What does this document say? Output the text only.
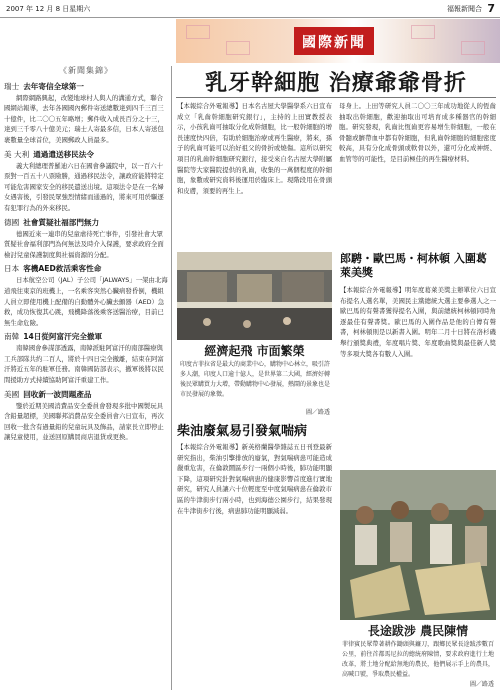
2007 年 12 月 8 日星期六	福報新聞合 7
國際新聞
《新聞集錦》
瑞士 去年寄信全球第一
網際網路興起，改變地球村人與人的溝通方式，聯合國網站報導，去年各國國內郵件寄送總數達到四千三百三十億件，比二〇〇五年略增；郵件收入成長百分之十三，達到三千零八十億美元；瑞士人寄最多信，日本人寄送包裹數量全球首位，美國郵政人員最多。
美 大利 通過遣送移民法令
義大利總理普羅迪六日在國會參議院中，以一百六十票對一百五十八票險勝，通過移民法令，讓政府能將特定可能危害國家安全的移民遣送出境。這項法令是在一名婦女遇害後，引發民眾強烈情緒而通過的，將來可用於驅逐有犯罪行為的外來移民。
德國 社會質疑社福部門無力
德國近來一連串的兒童虐待死亡事件，引發社會大眾質疑社會福利部門為何無法及時介入保護，要求政府全面檢討兒童保護制度與社福資源的分配。
日本 客機AED救活乘客性命
日本航空公司（JAL）子公司「JALWAYS」一架由北海道飛往東京的班機上，一名乘客突然心臟病發昏倒，機組人員立即使用機上配備的自動體外心臟去顫器（AED）急救，成功恢復其心跳，飛機降落後乘客送醫治療，目前已無生命危險。
南韓 14日從阿富汗完全撤軍
南韓國會參謀部透露，南韓派駐阿富汗的南部醫療與工兵部隊共約二百人，將於十四日完全撤離，結束在阿富汗將近五年的駐軍任務。南韓國防部表示，撤軍後將以民間援助方式持續協助阿富汗重建工作。
美國 回收新一波問題產品
鑒於近期美國消費品安全委員會發現多批中國製玩具含鉛量超標，美國聯邦消費品安全委員會六日宣布，再次回收一批含有過量鉛的兒童玩具及飾品，請家長立即停止讓兒童使用，並送回原購買商店退貨或更換。
乳牙幹細胞 治療爺爺骨折
【本報綜合外電報導】日本名古屋大學醫學系六日宣布成立「乳齒幹細胞研究銀行」，主持的上田實教授表示，小孩乳齒可抽取分化成幹細胞，比一般幹細胞的增長速度快四倍，有助於細胞治療或再生醫療，將來，孫子的乳齒可能可以治好祖父的骨折或燒傷。這所以研究項目的乳齒幹細胞研究銀行，接受來自名古屋大學附屬醫院等大家醫院提供的乳齒，收集的一萬個程度的幹細胞，象數或研究資料後運用於臨床上。現階段用在骨頭和皮膚，須要的再生上。
母身上。上田等研究人員二〇〇三年成功地從人的恆齒抽取出幹細胞，歡迎抽取出可培育成多種器官的幹細胞。研究發現，乳齒比恆齒更容易增生幹細胞，一般在骨髓或臍帶血中都有幹細胞，但乳齒幹細胞的細胞密度較高，具有分化成骨頭或軟骨以外，還可分化成神經、血管等的可能性，是目前極佳的再生醫療材料。
經濟起飛 市面繁榮
印度古菲拉省是最大的商業中心，購物中心林立，吸引許多人潮，印度人口逾十億人，是世界第二大國，經濟好轉後民眾購買力大增，帶動購物中心發展，熱鬧的景象也是市民發展的象徵。
圖／路透
柴油廢氣易引發氣喘病
【本報綜合外電報導】新英格蘭醫學雜誌五日刊登最新研究指出，柴油引擎排放的廢氣，對氣喘病患可能造成嚴重危害，在倫敦鬧區步行一兩個小時後，肺功能明顯下降，這項研究針對氣喘病患的健康影響首度進行實地研究，研究人員讓六十位輕度至中度氣喘病患在倫敦市區的牛津街步行兩小時，也到海德公園步行，結果發現在牛津街步行後，病患肺功能明顯減弱。
郎騁・歐巴馬・柯林頓 入圍葛萊美獎
【本報綜合外電報導】明年度葛萊美獎主辦單位六日宣布提名人選名單，美國民主黨總統大選主要參選人之一歐巴馬的有聲書獲得提名入圍，與前總統柯林頓同時角逐最佳有聲書獎。歐巴馬的入圍作品是他的自傳有聲書，柯林頓則是以新書入圍。明年二月十日將在洛杉磯舉行頒獎典禮，年度唱片獎、年度歌曲獎與最佳新人獎等多項大獎各有數人入圍。
長途跋涉 農民陳情
菲律賓民眾帶著耕作鋤頭與鐮刀，跟鄉民眾長途跋涉數百公里，前往首都馬尼拉的總統府陳情，要求政府進行土地改革，將土地分配給無地的農民，他們展示手上的農具，高喊口號，爭取農民權益。
圖／路透
